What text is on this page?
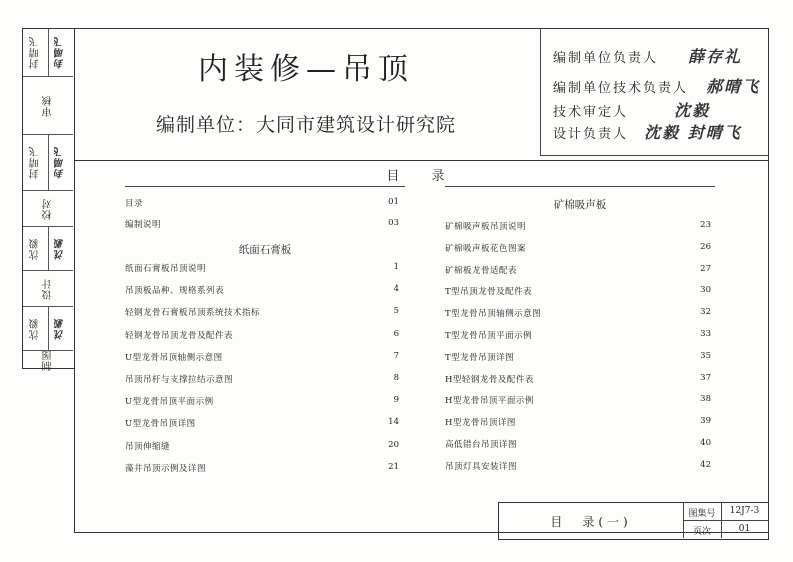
封晴飞 封晴飞
审核
封晴飞 封晴飞
校对
沈毅 沈毅
设计
沈毅 沈毅
制图
内装修—吊顶
编制单位：大同市建筑设计研究院
编制单位负责人 薛存礼
编制单位技术负责人 郝晴飞
技术审定人	沈毅
设计负责人 沈毅 封晴飞
目 录
目录	01
编制说明	03
纸面石膏板
纸面石膏板吊顶说明	1
吊顶板品种、规格系列表	4
轻钢龙骨石膏板吊顶系统技术指标	5
轻钢龙骨吊顶龙骨及配件表	6
U型龙骨吊顶轴侧示意图	7
吊顶吊杆与支撑拉结示意图	8
U型龙骨吊顶平面示例	9
U型龙骨吊顶详图	14
吊顶伸缩缝	20
藻井吊顶示例及详图	21
矿棉吸声板
矿棉吸声板吊顶说明	23
矿棉吸声板花色图案	26
矿棉板龙骨适配表	27
T型吊顶龙骨及配件表	30
T型龙骨吊顶轴侧示意图	32
T型龙骨吊顶平面示例	33
T型龙骨吊顶详图	35
H型轻钢龙骨及配件表	37
H型龙骨吊顶平面示例	38
H型龙骨吊顶详图	39
高低错台吊顶详图	40
吊顶灯具安装详图	42
目　录(一)
图集号	12J7-3
页次	01
